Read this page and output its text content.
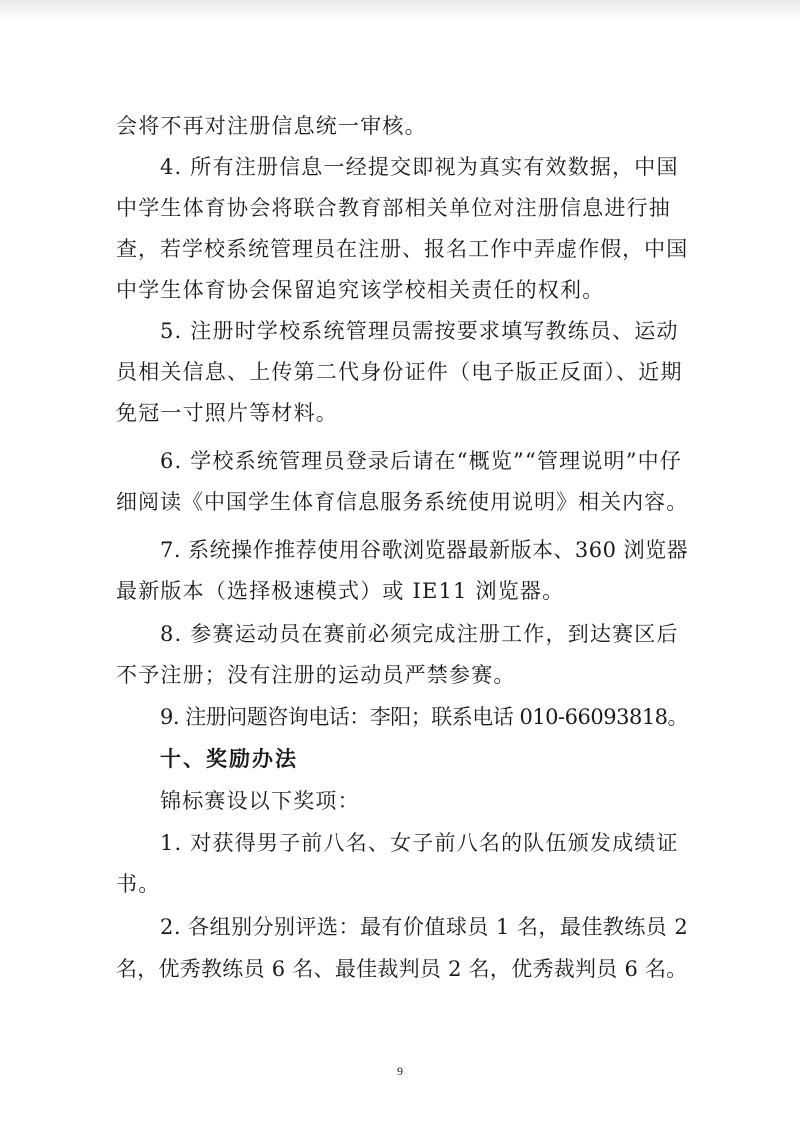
会将不再对注册信息统一审核。
4. 所有注册信息一经提交即视为真实有效数据，中国
中学生体育协会将联合教育部相关单位对注册信息进行抽
查，若学校系统管理员在注册、报名工作中弄虚作假，中国
中学生体育协会保留追究该学校相关责任的权利。
5. 注册时学校系统管理员需按要求填写教练员、运动
员相关信息、上传第二代身份证件（电子版正反面）、近期
免冠一寸照片等材料。
6. 学校系统管理员登录后请在“概览”“管理说明”中仔
细阅读《中国学生体育信息服务系统使用说明》相关内容。
7. 系统操作推荐使用谷歌浏览器最新版本、360 浏览器
最新版本（选择极速模式）或 IE11 浏览器。
8. 参赛运动员在赛前必须完成注册工作，到达赛区后
不予注册；没有注册的运动员严禁参赛。
9. 注册问题咨询电话：李阳；联系电话 010-66093818。
十、奖励办法
锦标赛设以下奖项：
1. 对获得男子前八名、女子前八名的队伍颁发成绩证
书。
2. 各组别分别评选：最有价值球员 1 名，最佳教练员 2
名，优秀教练员 6 名、最佳裁判员 2 名，优秀裁判员 6 名。
9
